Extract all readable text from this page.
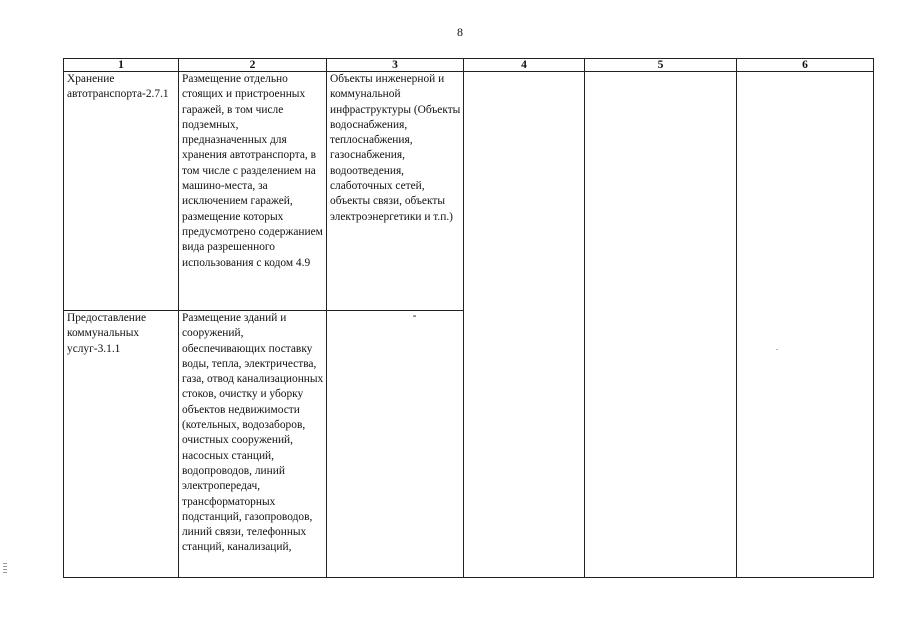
8
1	2	3	4	5	6
Хранение автотранспорта-2.7.1	Размещение отдельно стоящих и пристроенных гаражей, в том числе подземных, предназначенных для хранения автотранспорта, в том числе с разделением на машино-места, за исключением гаражей, размещение которых предусмотрено содержанием вида разрешенного использования с кодом 4.9	Объекты инженерной и коммунальной инфраструктуры (Объекты водоснабжения, теплоснабжения, газоснабжения, водоотведения, слаботочных сетей, объекты связи, объекты электроэнергетики и т.п.)			
Предоставление коммунальных услуг-3.1.1	Размещение зданий и сооружений, обеспечивающих поставку воды, тепла, электричества, газа, отвод канализационных стоков, очистку и уборку объектов недвижимости (котельных, водозаборов, очистных сооружений, насосных станций, водопроводов, линий электропередач, трансформаторных подстанций, газопроводов, линий связи, телефонных станций, канализаций,	-			
